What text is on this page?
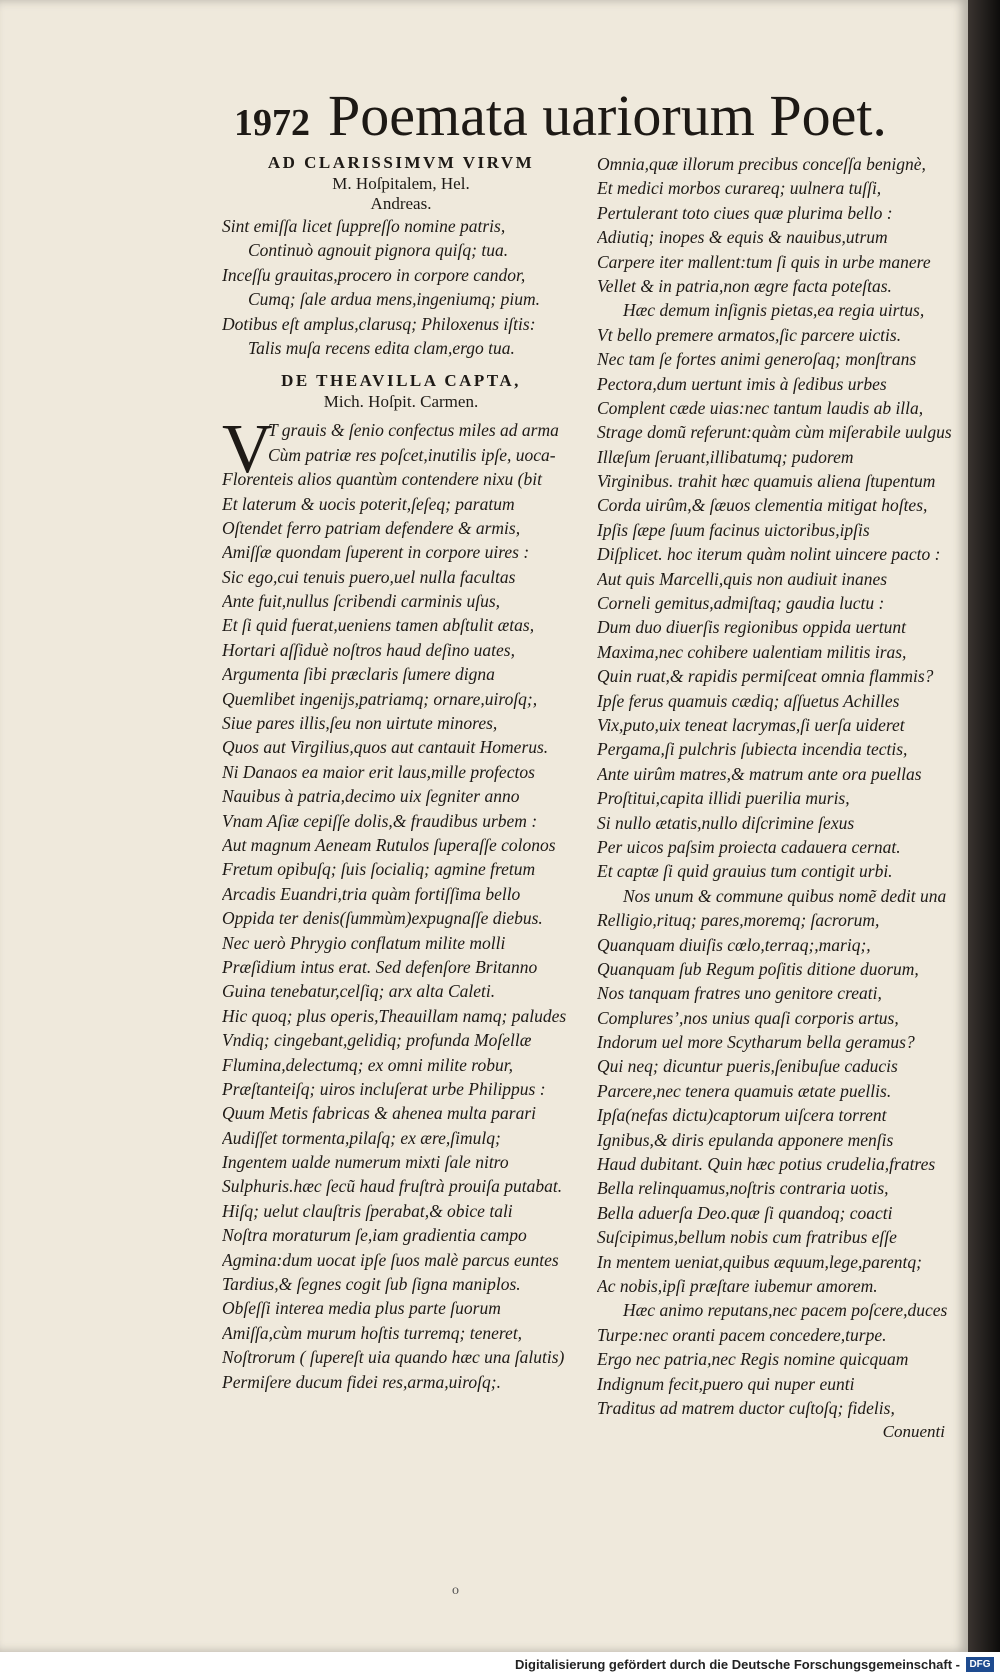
1972 Poemata uariorum Poet.
AD CLARISSIMVM VIRVM
M. Hoſpitalem, Hel.
Andreas.
Sint emiſſa licet ſuppreſſo nomine patris,
Continuò agnouit pignora quiſq; tua.
Inceſſu grauitas,procero in corpore candor,
Cumq; ſale ardua mens,ingeniumq; pium.
Dotibus eſt amplus,clarusq; Philoxenus iſtis:
Talis muſa recens edita clam,ergo tua.
DE THEAVILLA CAPTA,
Mich. Hoſpit. Carmen.
V
T grauis & ſenio confectus miles ad arma
Cùm patriæ res poſcet,inutilis ipſe, uoca-
Florenteis alios quantùm contendere nixu (bit
Et laterum & uocis poterit,ſeſeq; paratum
Oſtendet ferro patriam defendere & armis,
Amiſſæ quondam ſuperent in corpore uires :
Sic ego,cui tenuis puero,uel nulla facultas
Ante fuit,nullus ſcribendi carminis uſus,
Et ſi quid fuerat,ueniens tamen abſtulit ætas,
Hortari aſſiduè noſtros haud deſino uates,
Argumenta ſibi præclaris ſumere digna
Quemlibet ingenijs,patriamq; ornare,uiroſq;,
Siue pares illis,ſeu non uirtute minores,
Quos aut Virgilius,quos aut cantauit Homerus.
Ni Danaos ea maior erit laus,mille profectos
Nauibus à patria,decimo uix ſegniter anno
Vnam Aſiæ cepiſſe dolis,& fraudibus urbem :
Aut magnum Aeneam Rutulos ſuperaſſe colonos
Fretum opibuſq; ſuis ſocialiq; agmine fretum
Arcadis Euandri,tria quàm fortiſſima bello
Oppida ter denis(ſummùm)expugnaſſe diebus.
Nec uerò Phrygio conflatum milite molli
Præſidium intus erat. Sed defenſore Britanno
Guina tenebatur,celſiq; arx alta Caleti.
Hic quoq; plus operis,Theauillam namq; paludes
Vndiq; cingebant,gelidiq; profunda Moſellæ
Flumina,delectumq; ex omni milite robur,
Præſtanteiſq; uiros incluſerat urbe Philippus :
Quum Metis fabricas & ahenea multa parari
Audiſſet tormenta,pilaſq; ex ære,ſimulq;
Ingentem ualde numerum mixti ſale nitro
Sulphuris.hæc ſecũ haud fruſtrà prouiſa putabat.
Hiſq; uelut clauſtris ſperabat,& obice tali
Noſtra moraturum ſe,iam gradientia campo
Agmina:dum uocat ipſe ſuos malè parcus euntes
Tardius,& ſegnes cogit ſub ſigna maniplos.
Obſeſſi interea media plus parte ſuorum
Amiſſa,cùm murum hoſtis turremq; teneret,
Noſtrorum ( ſupereſt uia quando hæc una ſalutis)
Permiſere ducum fidei res,arma,uiroſq;.
Omnia,quæ illorum precibus conceſſa benignè,
Et medici morbos curareq; uulnera tuſſi,
Pertulerant toto ciues quæ plurima bello :
Adiutiq; inopes & equis & nauibus,utrum
Carpere iter mallent:tum ſi quis in urbe manere
Vellet & in patria,non ægre facta poteſtas.
Hæc demum inſignis pietas,ea regia uirtus,
Vt bello premere armatos,ſic parcere uictis.
Nec tam ſe fortes animi generoſaq; monſtrans
Pectora,dum uertunt imis à ſedibus urbes
Complent cæde uias:nec tantum laudis ab illa,
Strage domũ referunt:quàm cùm miſerabile uulgus
Illæſum ſeruant,illibatumq; pudorem
Virginibus. trahit hæc quamuis aliena ſtupentum
Corda uirûm,& ſæuos clementia mitigat hoſtes,
Ipſis ſæpe ſuum facinus uictoribus,ipſis
Diſplicet. hoc iterum quàm nolint uincere pacto :
Aut quis Marcelli,quis non audiuit inanes
Corneli gemitus,admiſtaq; gaudia luctu :
Dum duo diuerſis regionibus oppida uertunt
Maxima,nec cohibere ualentiam militis iras,
Quin ruat,& rapidis permiſceat omnia flammis?
Ipſe ferus quamuis cædiq; aſſuetus Achilles
Vix,puto,uix teneat lacrymas,ſi uerſa uideret
Pergama,ſi pulchris ſubiecta incendia tectis,
Ante uirûm matres,& matrum ante ora puellas
Proſtitui,capita illidi puerilia muris,
Si nullo ætatis,nullo diſcrimine ſexus
Per uicos paſsim proiecta cadauera cernat.
Et captæ ſi quid grauius tum contigit urbi.
Nos unum & commune quibus nomẽ dedit una
Relligio,rituq; pares,moremq; ſacrorum,
Quanquam diuiſis cœlo,terraq;,mariq;,
Quanquam ſub Regum poſitis ditione duorum,
Nos tanquam fratres uno genitore creati,
Compluresʼ,nos unius quaſi corporis artus,
Indorum uel more Scytharum bella geramus?
Qui neq; dicuntur pueris,ſenibuſue caducis
Parcere,nec tenera quamuis ætate puellis.
Ipſa(nefas dictu)captorum uiſcera torrent
Ignibus,& diris epulanda apponere menſis
Haud dubitant. Quin hæc potius crudelia,fratres
Bella relinquamus,noſtris contraria uotis,
Bella aduerſa Deo.quæ ſi quandoq; coacti
Suſcipimus,bellum nobis cum fratribus eſſe
In mentem ueniat,quibus æquum,lege,parentq;
Ac nobis,ipſi præſtare iubemur amorem.
Hæc animo reputans,nec pacem poſcere,duces
Turpe:nec oranti pacem concedere,turpe.
Ergo nec patria,nec Regis nomine quicquam
Indignum fecit,puero qui nuper eunti
Traditus ad matrem ductor cuſtoſq; fidelis,
Conuenti
o
Digitalisierung gefördert durch die Deutsche Forschungsgemeinschaft - DFG
